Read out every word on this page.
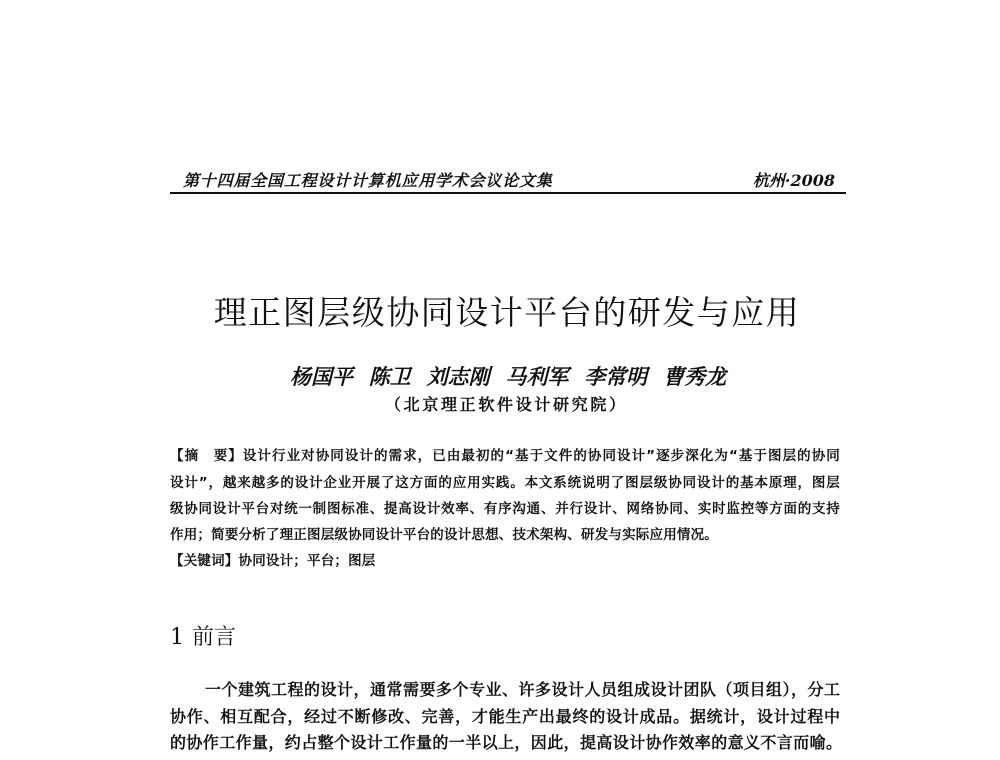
第十四届全国工程设计计算机应用学术会议论文集	杭州·2008
理正图层级协同设计平台的研发与应用
杨国平 陈卫 刘志刚 马利军 李常明 曹秀龙
（北京理正软件设计研究院）
【摘　要】设计行业对协同设计的需求，已由最初的“基于文件的协同设计”逐步深化为“基于图层的协同
设计”，越来越多的设计企业开展了这方面的应用实践。本文系统说明了图层级协同设计的基本原理，图层
级协同设计平台对统一制图标准、提高设计效率、有序沟通、并行设计、网络协同、实时监控等方面的支持
作用；简要分析了理正图层级协同设计平台的设计思想、技术架构、研发与实际应用情况。
【关键词】协同设计；平台；图层
1 前言
一个建筑工程的设计，通常需要多个专业、许多设计人员组成设计团队（项目组），分工
协作、相互配合，经过不断修改、完善，才能生产出最终的设计成品。据统计，设计过程中
的协作工作量，约占整个设计工作量的一半以上，因此，提高设计协作效率的意义不言而喻。
